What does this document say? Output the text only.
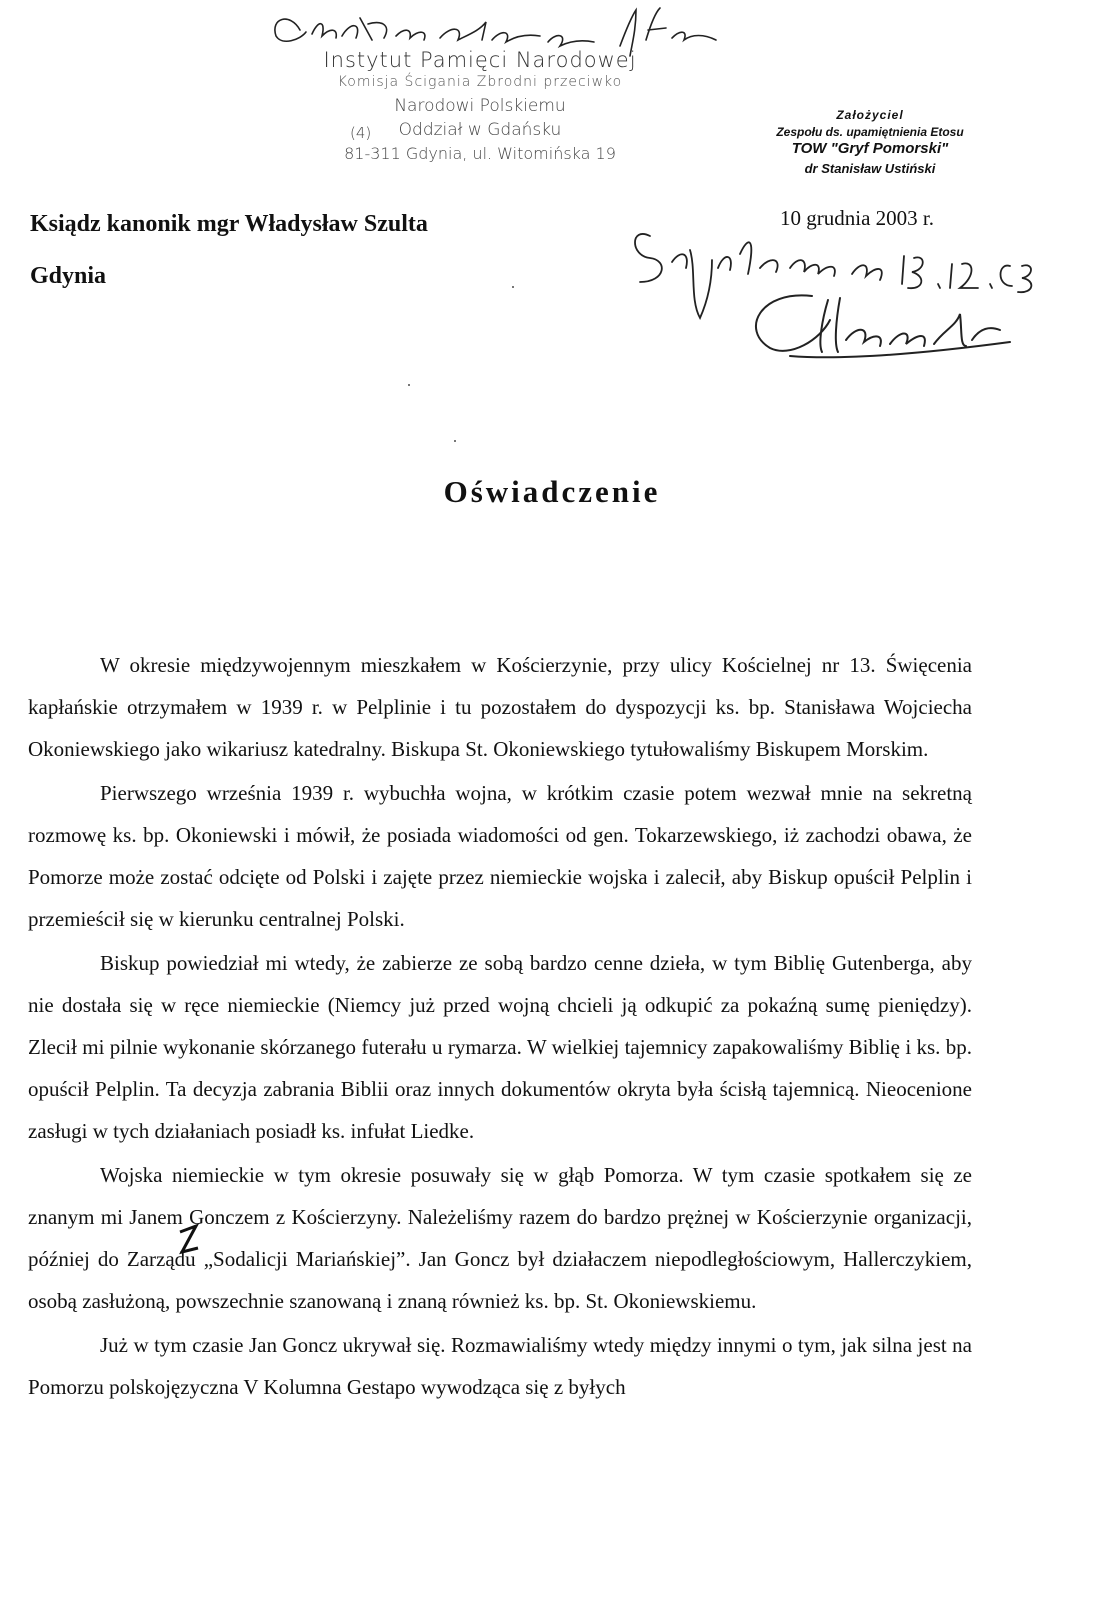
Instytut Pamięci Narodowej
Komisja Ścigania Zbrodni przeciwko
Narodowi Polskiemu
Oddział w Gdańsku
81-311 Gdynia, ul. Witomińska 19
(4)
Założyciel
Zespołu ds. upamiętnienia Etosu
TOW "Gryf Pomorski"
dr Stanisław Ustiński
10 grudnia 2003 r.
Ksiądz kanonik mgr Władysław Szulta
Gdynia
Oświadczenie

W okresie międzywojennym mieszkałem w Kościerzynie, przy ulicy Kościelnej nr 13. Święcenia kapłańskie otrzymałem w 1939 r. w Pelplinie i tu pozostałem do dyspozycji ks. bp. Stanisława Wojciecha Okoniewskiego jako wikariusz katedralny. Biskupa St. Okoniewskiego tytułowaliśmy Biskupem Morskim.

Pierwszego września 1939 r. wybuchła wojna, w krótkim czasie potem wezwał mnie na sekretną rozmowę ks. bp. Okoniewski i mówił, że posiada wiadomości od gen. Tokarzewskiego, iż zachodzi obawa, że Pomorze może zostać odcięte od Polski i zajęte przez niemieckie wojska i zalecił, aby Biskup opuścił Pelplin i przemieścił się w kierunku centralnej Polski.

Biskup powiedział mi wtedy, że zabierze ze sobą bardzo cenne dzieła, w tym Biblię Gutenberga, aby nie dostała się w ręce niemieckie (Niemcy już przed wojną chcieli ją odkupić za pokaźną sumę pieniędzy). Zlecił mi pilnie wykonanie skórzanego futerału u rymarza. W wielkiej tajemnicy zapakowaliśmy Biblię i ks. bp. opuścił Pelplin. Ta decyzja zabrania Biblii oraz innych dokumentów okryta była ścisłą tajemnicą. Nieocenione zasługi w tych działaniach posiadł ks. infułat Liedke.

Wojska niemieckie w tym okresie posuwały się w głąb Pomorza. W tym czasie spotkałem się ze znanym mi Janem Gonczem z Kościerzyny. Należeliśmy razem do bardzo prężnej w Kościerzynie organizacji, później do Zarządu „Sodalicji Mariańskiej”. Jan Goncz był działaczem niepodległościowym, Hallerczykiem, osobą zasłużoną, powszechnie szanowaną i znaną również ks. bp. St. Okoniewskiemu.

Już w tym czasie Jan Goncz ukrywał się. Rozmawialiśmy wtedy między innymi o tym, jak silna jest na Pomorzu polskojęzyczna V Kolumna Gestapo wywodząca się z byłych
